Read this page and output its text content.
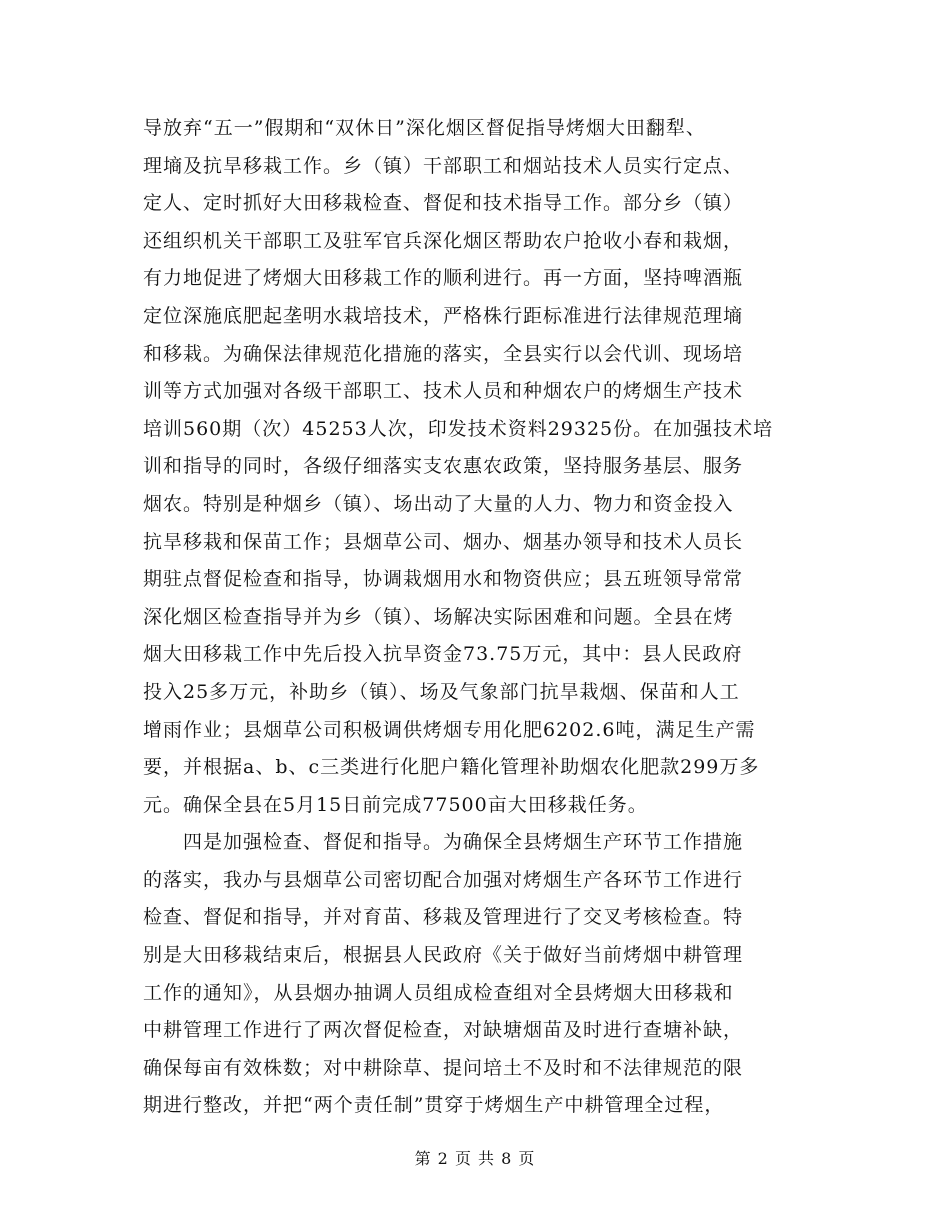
导放弃“五一”假期和“双休日”深化烟区督促指导烤烟大田翻犁、
理墒及抗旱移栽工作。乡（镇）干部职工和烟站技术人员实行定点、
定人、定时抓好大田移栽检查、督促和技术指导工作。部分乡（镇）
还组织机关干部职工及驻军官兵深化烟区帮助农户抢收小春和栽烟，
有力地促进了烤烟大田移栽工作的顺利进行。再一方面，坚持啤酒瓶
定位深施底肥起垄明水栽培技术，严格株行距标准进行法律规范理墒
和移栽。为确保法律规范化措施的落实，全县实行以会代训、现场培
训等方式加强对各级干部职工、技术人员和种烟农户的烤烟生产技术
培训560期（次）45253人次，印发技术资料29325份。在加强技术培
训和指导的同时，各级仔细落实支农惠农政策，坚持服务基层、服务
烟农。特别是种烟乡（镇）、场出动了大量的人力、物力和资金投入
抗旱移栽和保苗工作；县烟草公司、烟办、烟基办领导和技术人员长
期驻点督促检查和指导，协调栽烟用水和物资供应；县五班领导常常
深化烟区检查指导并为乡（镇）、场解决实际困难和问题。全县在烤
烟大田移栽工作中先后投入抗旱资金73.75万元，其中：县人民政府
投入25多万元，补助乡（镇）、场及气象部门抗旱栽烟、保苗和人工
增雨作业；县烟草公司积极调供烤烟专用化肥6202.6吨，满足生产需
要，并根据a、b、c三类进行化肥户籍化管理补助烟农化肥款299万多
元。确保全县在5月15日前完成77500亩大田移栽任务。
四是加强检查、督促和指导。为确保全县烤烟生产环节工作措施
的落实，我办与县烟草公司密切配合加强对烤烟生产各环节工作进行
检查、督促和指导，并对育苗、移栽及管理进行了交叉考核检查。特
别是大田移栽结束后，根据县人民政府《关于做好当前烤烟中耕管理
工作的通知》，从县烟办抽调人员组成检查组对全县烤烟大田移栽和
中耕管理工作进行了两次督促检查，对缺塘烟苗及时进行查塘补缺，
确保每亩有效株数；对中耕除草、提问培土不及时和不法律规范的限
期进行整改，并把“两个责任制”贯穿于烤烟生产中耕管理全过程，
第 2 页 共 8 页
